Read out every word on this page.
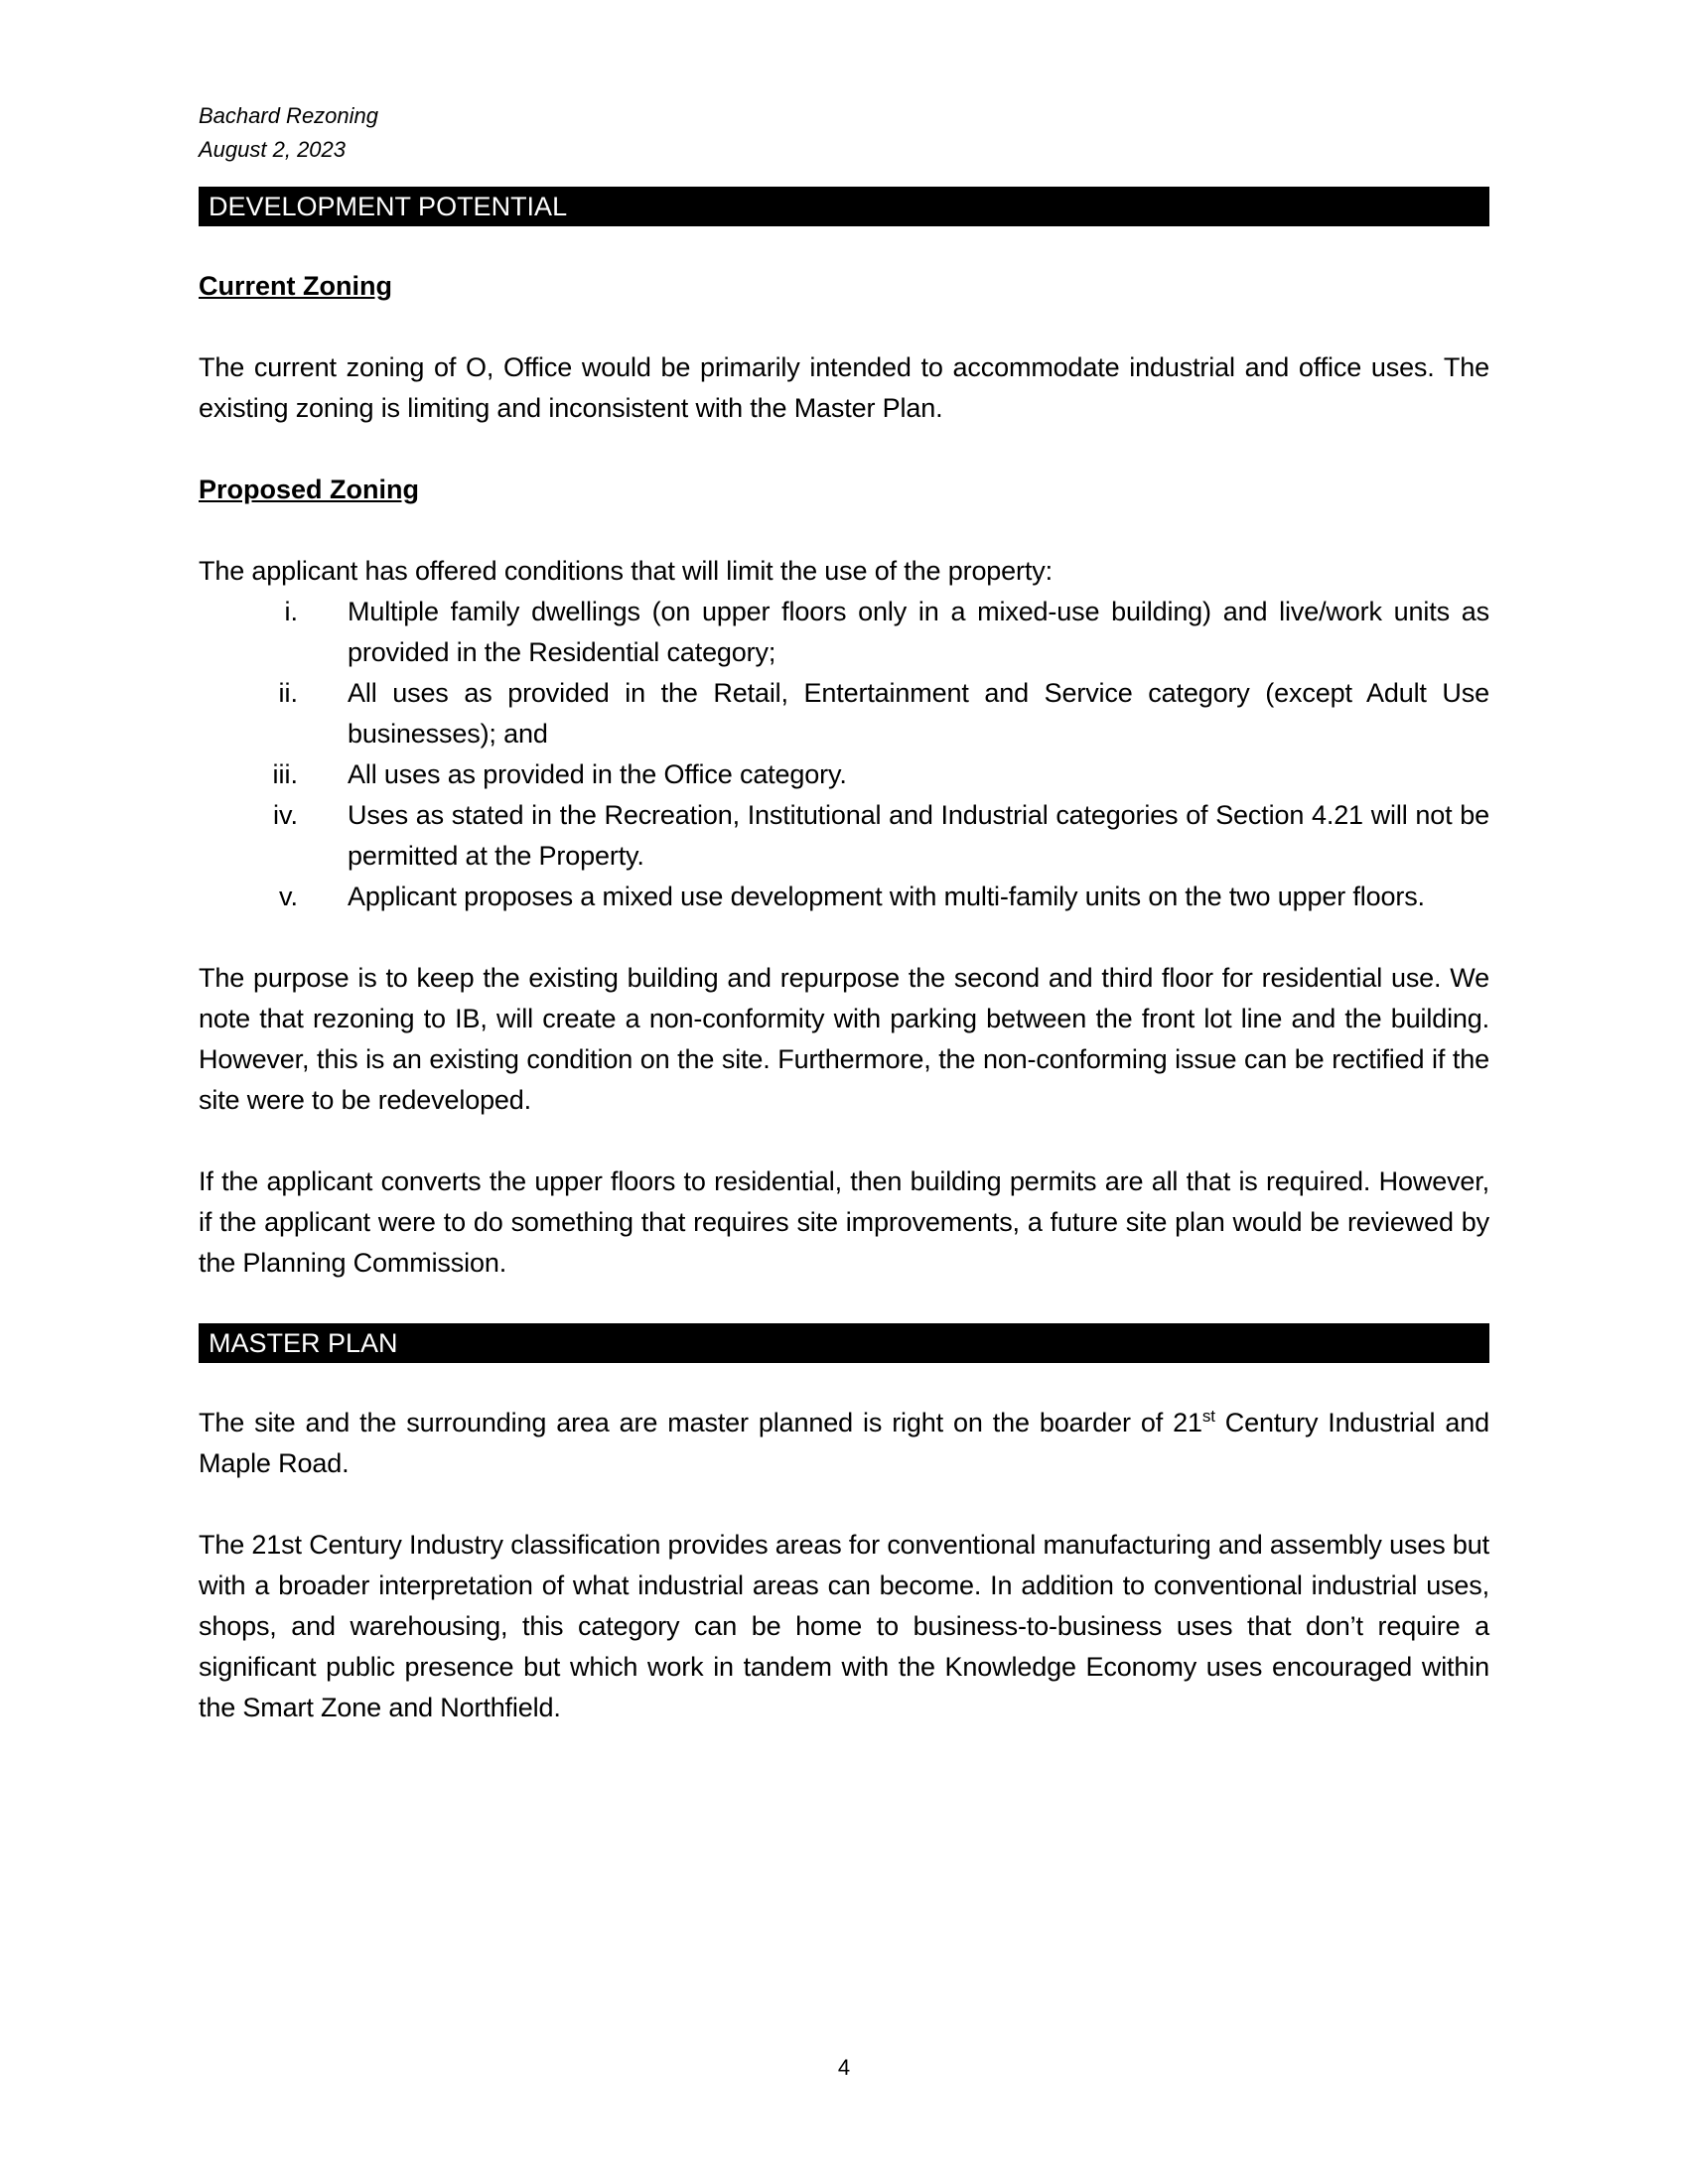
Bachard Rezoning
August 2, 2023
DEVELOPMENT POTENTIAL
Current Zoning

The current zoning of O, Office would be primarily intended to accommodate industrial and office uses. The existing zoning is limiting and inconsistent with the Master Plan.

Proposed Zoning

The applicant has offered conditions that will limit the use of the property:

i.	Multiple family dwellings (on upper floors only in a mixed-use building) and live/work units as provided in the Residential category;
ii.	All uses as provided in the Retail, Entertainment and Service category (except Adult Use businesses); and
iii.	All uses as provided in the Office category.
iv.	Uses as stated in the Recreation, Institutional and Industrial categories of Section 4.21 will not be permitted at the Property.
v.	Applicant proposes a mixed use development with multi-family units on the two upper floors.

The purpose is to keep the existing building and repurpose the second and third floor for residential use. We note that rezoning to IB, will create a non-conformity with parking between the front lot line and the building. However, this is an existing condition on the site. Furthermore, the non-conforming issue can be rectified if the site were to be redeveloped.

If the applicant converts the upper floors to residential, then building permits are all that is required. However, if the applicant were to do something that requires site improvements, a future site plan would be reviewed by the Planning Commission.

MASTER PLAN

The site and the surrounding area are master planned is right on the boarder of 21st Century Industrial and Maple Road.

The 21st Century Industry classification provides areas for conventional manufacturing and assembly uses but with a broader interpretation of what industrial areas can become. In addition to conventional industrial uses, shops, and warehousing, this category can be home to business-to-business uses that don’t require a significant public presence but which work in tandem with the Knowledge Economy uses encouraged within the Smart Zone and Northfield.

4
